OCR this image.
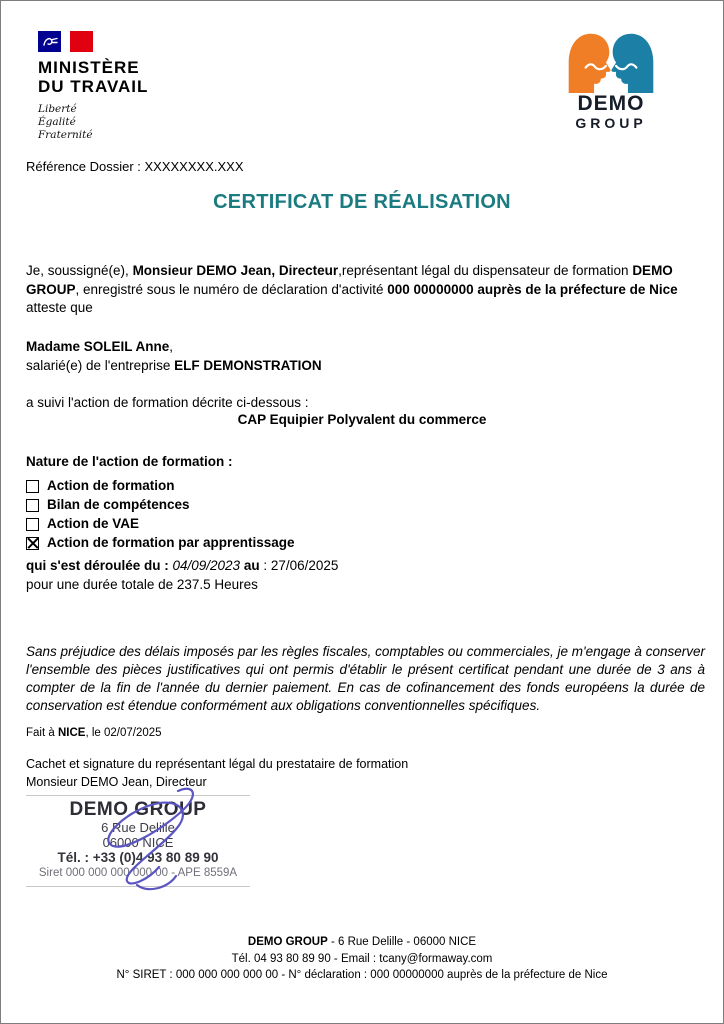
MINISTÈRE
DU TRAVAIL
Liberté
Égalité
Fraternité
DEMO
GROUP
Référence Dossier : XXXXXXXX.XXX
CERTIFICAT DE RÉALISATION
Je, soussigné(e), Monsieur DEMO Jean, Directeur,représentant légal du dispensateur de formation DEMO GROUP, enregistré sous le numéro de déclaration d'activité 000 00000000 auprès de la préfecture de Nice atteste que
Madame SOLEIL Anne,
salarié(e) de l'entreprise ELF DEMONSTRATION
a suivi l'action de formation décrite ci-dessous :
CAP Equipier Polyvalent du commerce
Nature de l'action de formation :
Action de formation
Bilan de compétences
Action de VAE
Action de formation par apprentissage
qui s'est déroulée du : 04/09/2023 au : 27/06/2025
pour une durée totale de 237.5 Heures
Sans préjudice des délais imposés par les règles fiscales, comptables ou commerciales, je m'engage à conserver l'ensemble des pièces justificatives qui ont permis d'établir le présent certificat pendant une durée de 3 ans à compter de la fin de l'année du dernier paiement. En cas de cofinancement des fonds européens la durée de conservation est étendue conformément aux obligations conventionnelles spécifiques.
Fait à NICE, le 02/07/2025
Cachet et signature du représentant légal du prestataire de formation
Monsieur DEMO Jean, Directeur
DEMO GROUP
6 Rue Delille
06000 NICE
Tél. : +33 (0)4 93 80 89 90
Siret 000 000 000 000 00 - APE 8559A
DEMO GROUP - 6 Rue Delille - 06000 NICE
Tél. 04 93 80 89 90 - Email : tcany@formaway.com
N° SIRET : 000 000 000 000 00 - N° déclaration : 000 00000000 auprès de la préfecture de Nice
